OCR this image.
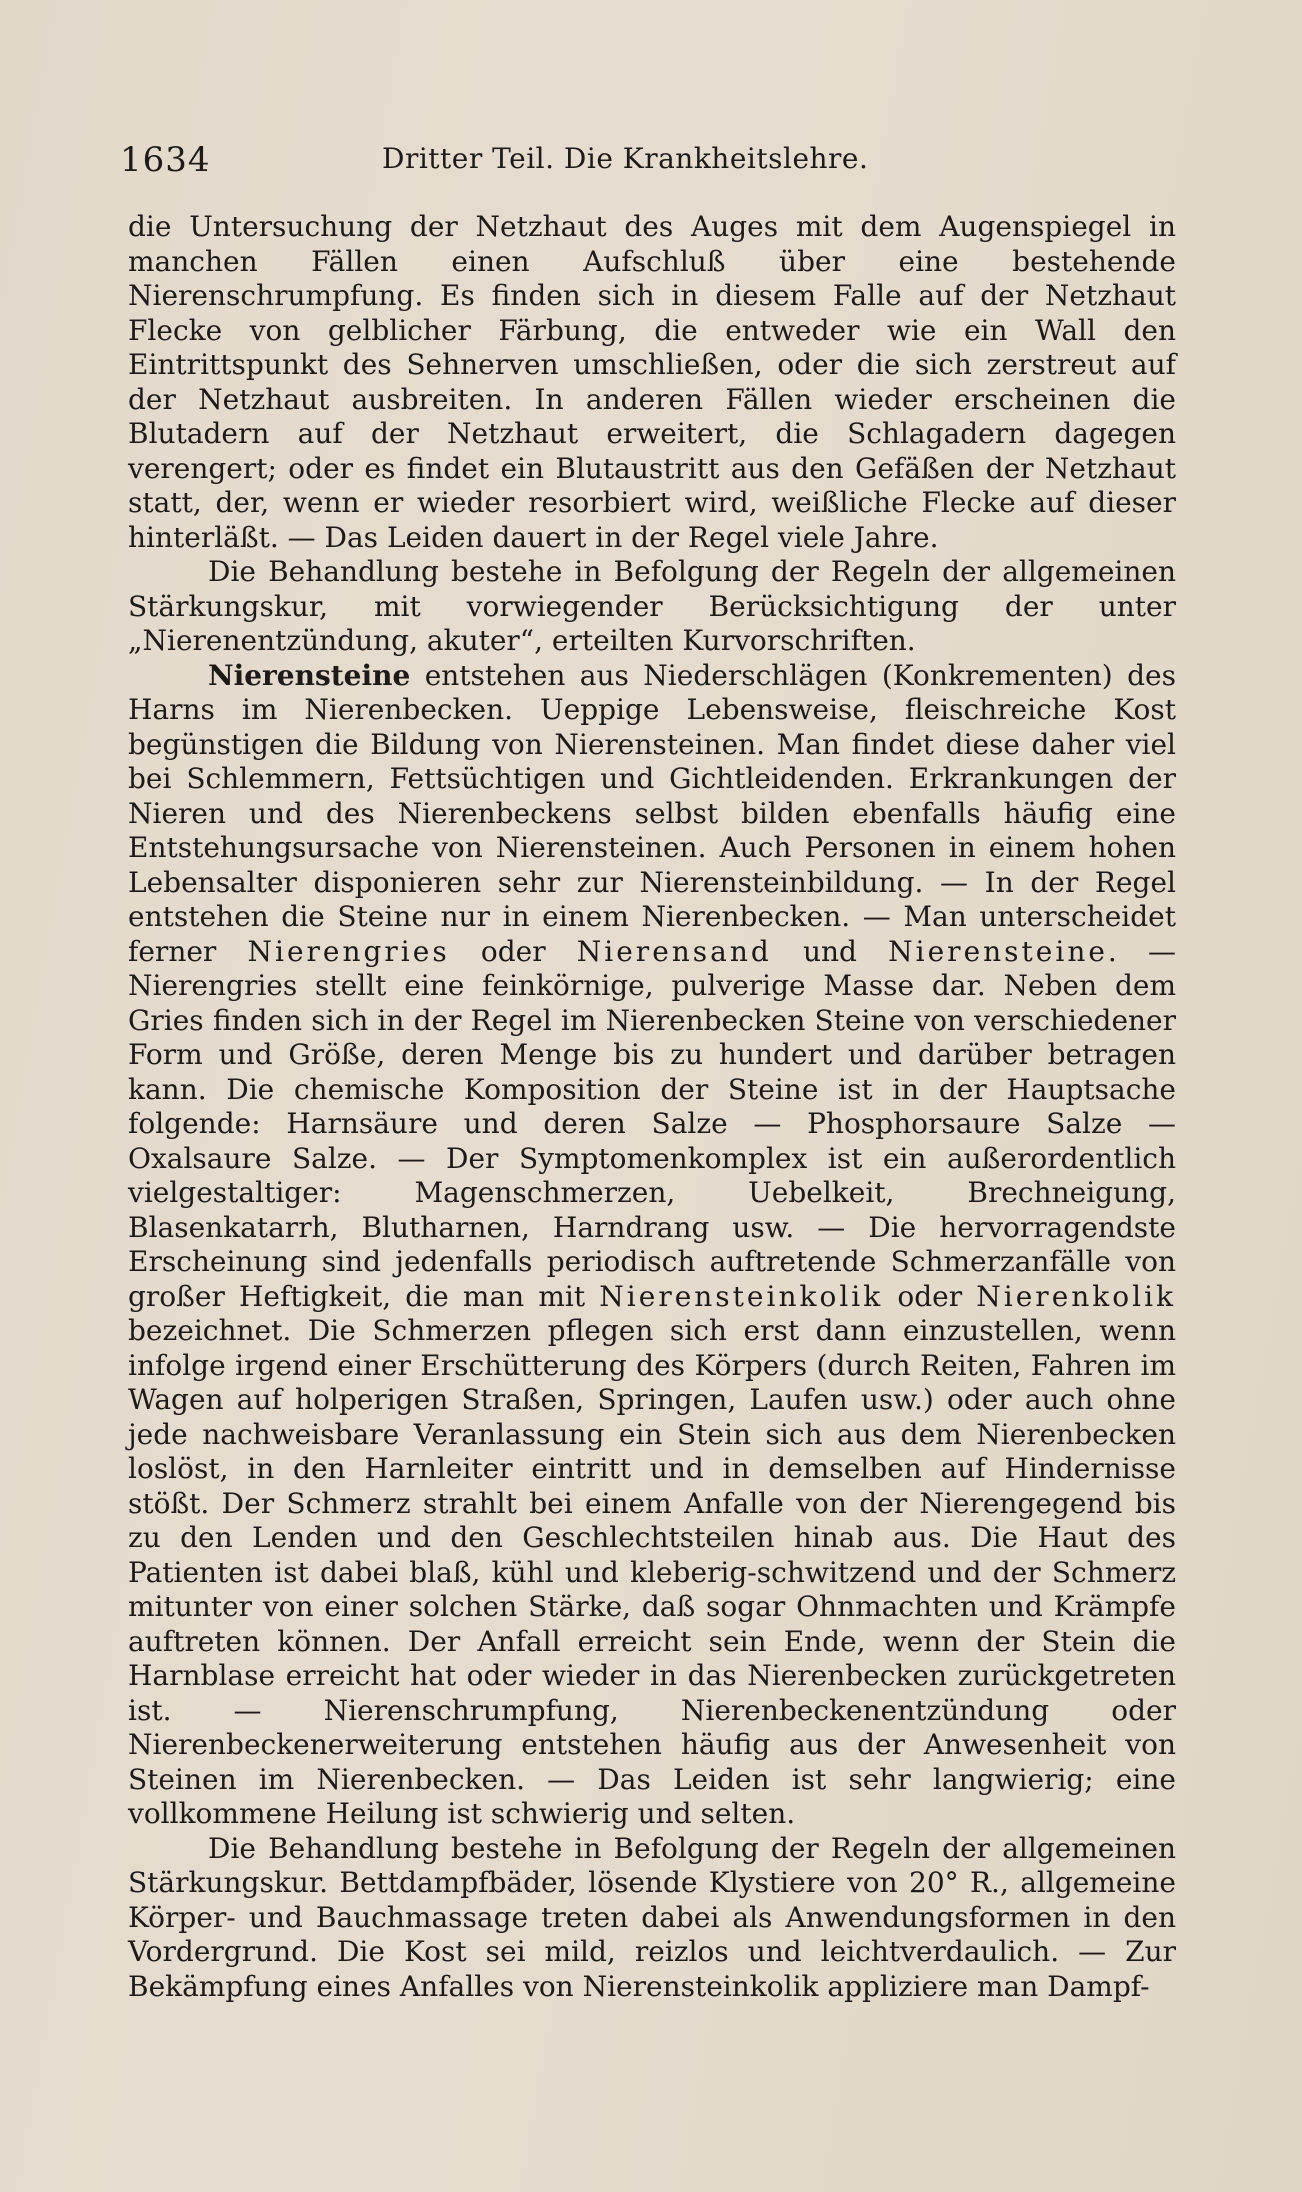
1634	Dritter Teil. Die Krankheitslehre.

die Untersuchung der Netzhaut des Auges mit dem Augenspiegel in manchen Fällen einen Aufschluß über eine bestehende Nierenschrumpfung. Es finden sich in diesem Falle auf der Netzhaut Flecke von gelblicher Färbung, die entweder wie ein Wall den Eintrittspunkt des Sehnerven umschließen, oder die sich zerstreut auf der Netzhaut ausbreiten. In anderen Fällen wieder erscheinen die Blutadern auf der Netzhaut erweitert, die Schlagadern dagegen verengert; oder es findet ein Blutaustritt aus den Gefäßen der Netzhaut statt, der, wenn er wieder resorbiert wird, weißliche Flecke auf dieser hinterläßt. — Das Leiden dauert in der Regel viele Jahre.

Die Behandlung bestehe in Befolgung der Regeln der allgemeinen Stärkungskur, mit vorwiegender Berücksichtigung der unter „Nierenentzündung, akuter“, erteilten Kurvorschriften.

Nierensteine entstehen aus Niederschlägen (Konkrementen) des Harns im Nierenbecken. Ueppige Lebensweise, fleischreiche Kost begünstigen die Bildung von Nierensteinen. Man findet diese daher viel bei Schlemmern, Fettsüchtigen und Gichtleidenden. Erkrankungen der Nieren und des Nierenbeckens selbst bilden ebenfalls häufig eine Entstehungsursache von Nierensteinen. Auch Personen in einem hohen Lebensalter disponieren sehr zur Nierensteinbildung. — In der Regel entstehen die Steine nur in einem Nierenbecken. — Man unterscheidet ferner Nierengries oder Nierensand und Nierensteine. — Nierengries stellt eine feinkörnige, pulverige Masse dar. Neben dem Gries finden sich in der Regel im Nierenbecken Steine von verschiedener Form und Größe, deren Menge bis zu hundert und darüber betragen kann. Die chemische Komposition der Steine ist in der Hauptsache folgende: Harnsäure und deren Salze — Phosphorsaure Salze — Oxalsaure Salze. — Der Symptomenkomplex ist ein außerordentlich vielgestaltiger: Magenschmerzen, Uebelkeit, Brechneigung, Blasenkatarrh, Blutharnen, Harndrang usw. — Die hervorragendste Erscheinung sind jedenfalls periodisch auftretende Schmerzanfälle von großer Heftigkeit, die man mit Nierensteinkolik oder Nierenkolik bezeichnet. Die Schmerzen pflegen sich erst dann einzustellen, wenn infolge irgend einer Erschütterung des Körpers (durch Reiten, Fahren im Wagen auf holperigen Straßen, Springen, Laufen usw.) oder auch ohne jede nachweisbare Veranlassung ein Stein sich aus dem Nierenbecken loslöst, in den Harnleiter eintritt und in demselben auf Hindernisse stößt. Der Schmerz strahlt bei einem Anfalle von der Nierengegend bis zu den Lenden und den Geschlechtsteilen hinab aus. Die Haut des Patienten ist dabei blaß, kühl und kleberig-schwitzend und der Schmerz mitunter von einer solchen Stärke, daß sogar Ohnmachten und Krämpfe auftreten können. Der Anfall erreicht sein Ende, wenn der Stein die Harnblase erreicht hat oder wieder in das Nierenbecken zurückgetreten ist. — Nierenschrumpfung, Nierenbeckenentzündung oder Nierenbeckenerweiterung entstehen häufig aus der Anwesenheit von Steinen im Nierenbecken. — Das Leiden ist sehr langwierig; eine vollkommene Heilung ist schwierig und selten.

Die Behandlung bestehe in Befolgung der Regeln der allgemeinen Stärkungskur. Bettdampfbäder, lösende Klystiere von 20° R., allgemeine Körper- und Bauchmassage treten dabei als Anwendungsformen in den Vordergrund. Die Kost sei mild, reizlos und leichtverdaulich. — Zur Bekämpfung eines Anfalles von Nierensteinkolik appliziere man Dampf-
